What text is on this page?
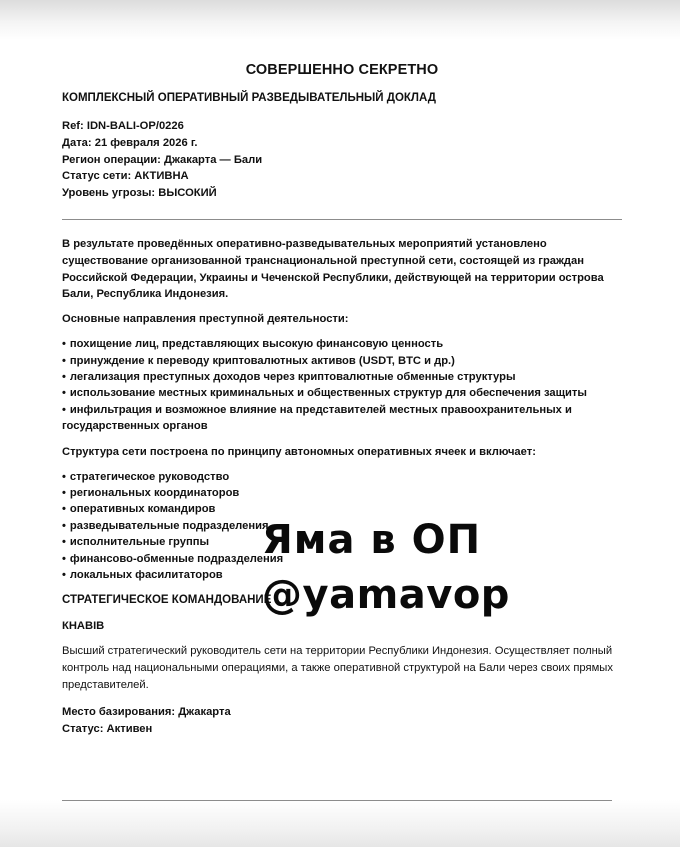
СОВЕРШЕННО СЕКРЕТНО
КОМПЛЕКСНЫЙ ОПЕРАТИВНЫЙ РАЗВЕДЫВАТЕЛЬНЫЙ ДОКЛАД
Ref: IDN-BALI-OP/0226
Дата: 21 февраля 2026 г.
Регион операции: Джакарта — Бали
Статус сети: АКТИВНА
Уровень угрозы: ВЫСОКИЙ

В результате проведённых оперативно-разведывательных мероприятий установлено существование организованной транснациональной преступной сети, состоящей из граждан Российской Федерации, Украины и Чеченской Республики, действующей на территории острова Бали, Республика Индонезия.

Основные направления преступной деятельности:
• похищение лиц, представляющих высокую финансовую ценность
• принуждение к переводу криптовалютных активов (USDT, BTC и др.)
• легализация преступных доходов через криптовалютные обменные структуры
• использование местных криминальных и общественных структур для обеспечения защиты
• инфильтрация и возможное влияние на представителей местных правоохранительных и государственных органов
Структура сети построена по принципу автономных оперативных ячеек и включает:
• стратегическое руководство
• региональных координаторов
• оперативных командиров
• разведывательные подразделения
• исполнительные группы
• финансово-обменные подразделения
• локальных фасилитаторов
СТРАТЕГИЧЕСКОЕ КОМАНДОВАНИЕ
КНАВІВ

Высший стратегический руководитель сети на территории Республики Индонезия. Осуществляет полный контроль над национальными операциями, а также оперативной структурой на Бали через своих прямых представителей.

Место базирования: Джакарта
Статус: Активен
Яма в ОП
@yamavop
